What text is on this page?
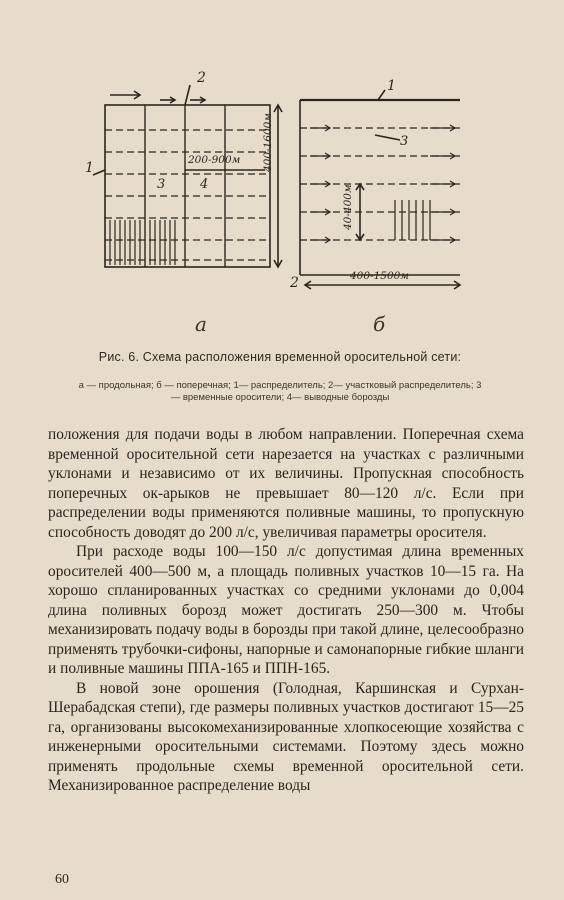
2
1
3	4
200-900м 400-1600м
1
3
2
40-400м
400-1500м
а	б
Рис. 6. Схема расположения временной оросительной сети:
а — продольная; б — поперечная; 1— распределитель; 2— участковый распределитель; 3— временные оросители; 4— выводные борозды

положения для подачи воды в любом направлении. Поперечная схема временной оросительной сети нарезается на участках с различными уклонами и независимо от их величины. Пропускная способность поперечных ок-арыков не превышает 80—120 л/с. Если при распределении воды применяются поливные машины, то пропускную способность доводят до 200 л/с, увеличивая параметры оросителя.

При расходе воды 100—150 л/с допустимая длина временных оросителей 400—500 м, а площадь поливных участков 10—15 га. На хорошо спланированных участках со средними уклонами до 0,004 длина поливных борозд может достигать 250—300 м. Чтобы механизировать подачу воды в борозды при такой длине, целесообразно применять трубочки-сифоны, напорные и самонапорные гибкие шланги и поливные машины ППА-165 и ППН-165.

В новой зоне орошения (Голодная, Каршинская и Сурхан-Шерабадская степи), где размеры поливных участков достигают 15—25 га, организованы высокомеханизированные хлопкосеющие хозяйства с инженерными оросительными системами. Поэтому здесь можно применять продольные схемы временной оросительной сети. Механизированное распределение воды

60
